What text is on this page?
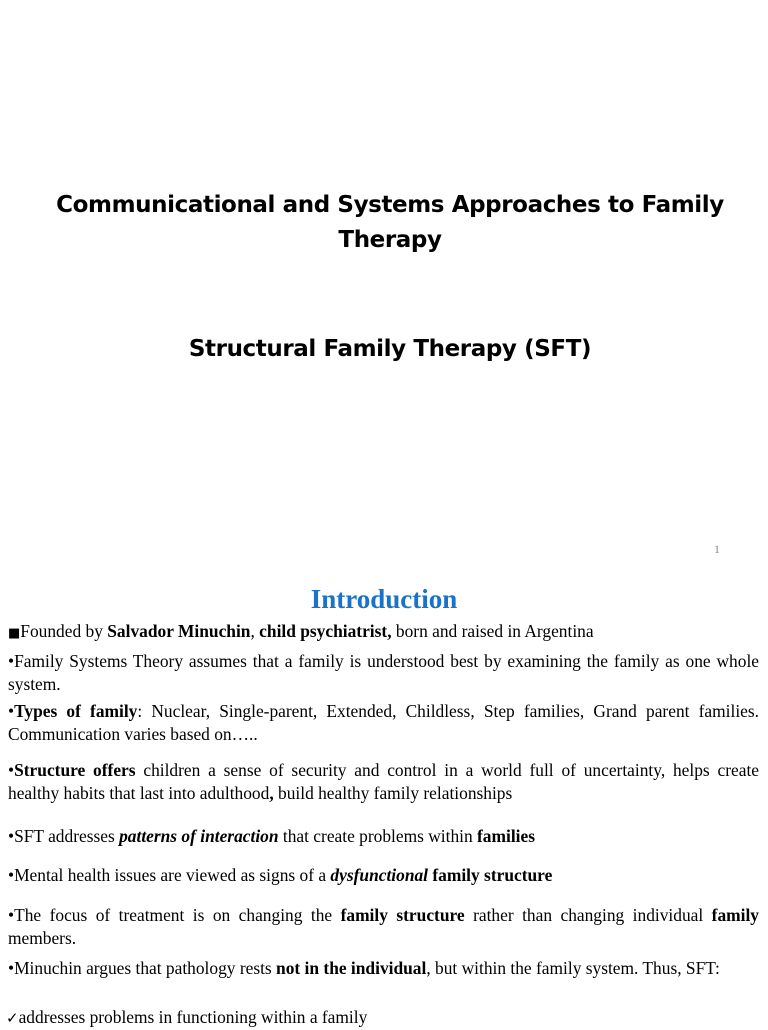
Communicational and Systems Approaches to Family Therapy
Structural Family Therapy (SFT)
1
Introduction

■Founded by Salvador Minuchin, child psychiatrist, born and raised in Argentina

•Family Systems Theory assumes that a family is understood best by examining the family as one whole system.

•Types of family: Nuclear, Single-parent, Extended, Childless, Step families, Grand parent families. Communication varies based on…..

•Structure offers children a sense of security and control in a world full of uncertainty, helps create healthy habits that last into adulthood, build healthy family relationships

•SFT addresses patterns of interaction that create problems within families

•Mental health issues are viewed as signs of a dysfunctional family structure

•The focus of treatment is on changing the family structure rather than changing individual family members.

•Minuchin argues that pathology rests not in the individual, but within the family system. Thus, SFT:

✓addresses problems in functioning within a family
